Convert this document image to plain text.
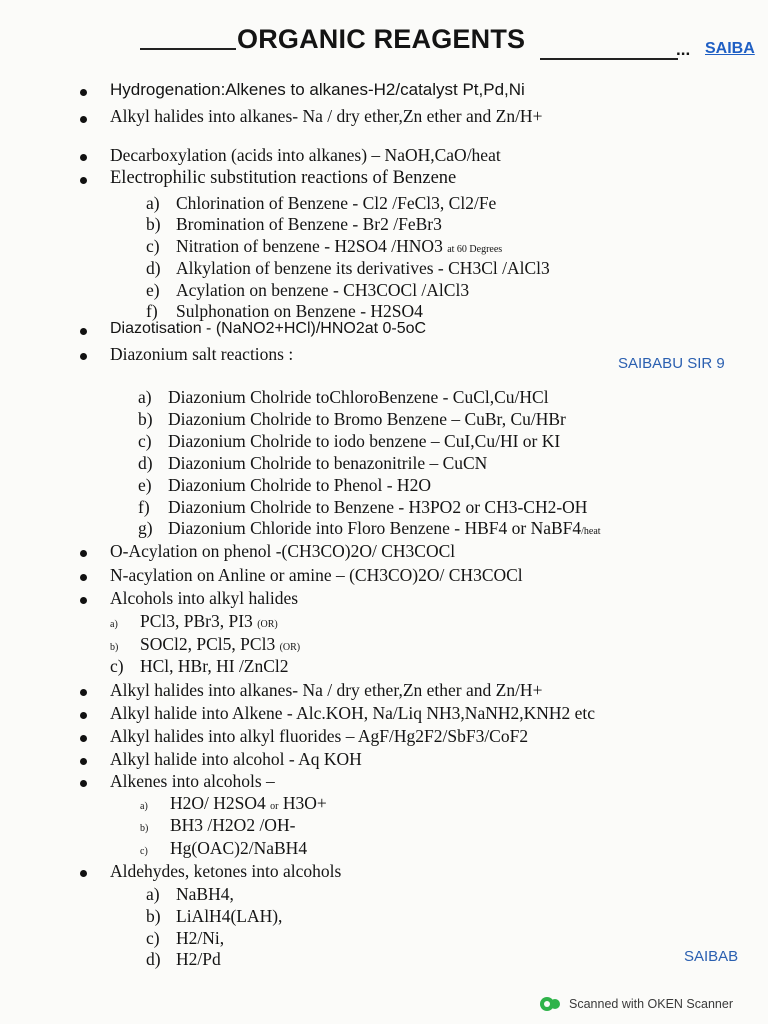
ORGANIC REAGENTS	... SAIBA
Hydrogenation:Alkenes to alkanes-H2/catalyst Pt,Pd,Ni
Alkyl halides into alkanes- Na / dry ether,Zn ether and Zn/H+
Decarboxylation (acids into alkanes) – NaOH,CaO/heat
Electrophilic substitution reactions of Benzene
a) Chlorination of Benzene - Cl2 /FeCl3, Cl2/Fe
b) Bromination of Benzene - Br2 /FeBr3
c) Nitration of benzene - H2SO4 /HNO3 at 60 Degrees
d) Alkylation of benzene its derivatives - CH3Cl /AlCl3
e) Acylation on benzene - CH3COCl /AlCl3
f) Sulphonation on Benzene - H2SO4
Diazotisation - (NaNO2+HCl)/HNO2at 0-5oC
Diazonium salt reactions :	SAIBABU SIR 9
a) Diazonium Cholride toChloroBenzene - CuCl,Cu/HCl
b) Diazonium Cholride to Bromo Benzene – CuBr, Cu/HBr
c) Diazonium Cholride to iodo benzene – CuI,Cu/HI or KI
d) Diazonium Cholride to benazonitrile – CuCN
e) Diazonium Cholride to Phenol - H2O
f) Diazonium Cholride to Benzene - H3PO2 or CH3-CH2-OH
g) Diazonium Chloride into Floro Benzene - HBF4 or NaBF4/heat
O-Acylation on phenol -(CH3CO)2O/ CH3COCl
N-acylation on Anline or amine – (CH3CO)2O/ CH3COCl
Alcohols into alkyl halides
a) PCl3, PBr3, PI3 (OR)
b) SOCl2, PCl5, PCl3 (OR)
c) HCl, HBr, HI /ZnCl2
Alkyl halides into alkanes- Na / dry ether,Zn ether and Zn/H+
Alkyl halide into Alkene - Alc.KOH, Na/Liq NH3,NaNH2,KNH2 etc
Alkyl halides into alkyl fluorides – AgF/Hg2F2/SbF3/CoF2
Alkyl halide into alcohol - Aq KOH
Alkenes into alcohols –
a) H2O/ H2SO4 or H3O+
b) BH3 /H2O2 /OH-
c) Hg(OAC)2/NaBH4
Aldehydes, ketones into alcohols
a) NaBH4,
b) LiAlH4(LAH),
c) H2/Ni,
d) H2/Pd	SAIBAB
Scanned with OKEN Scanner
